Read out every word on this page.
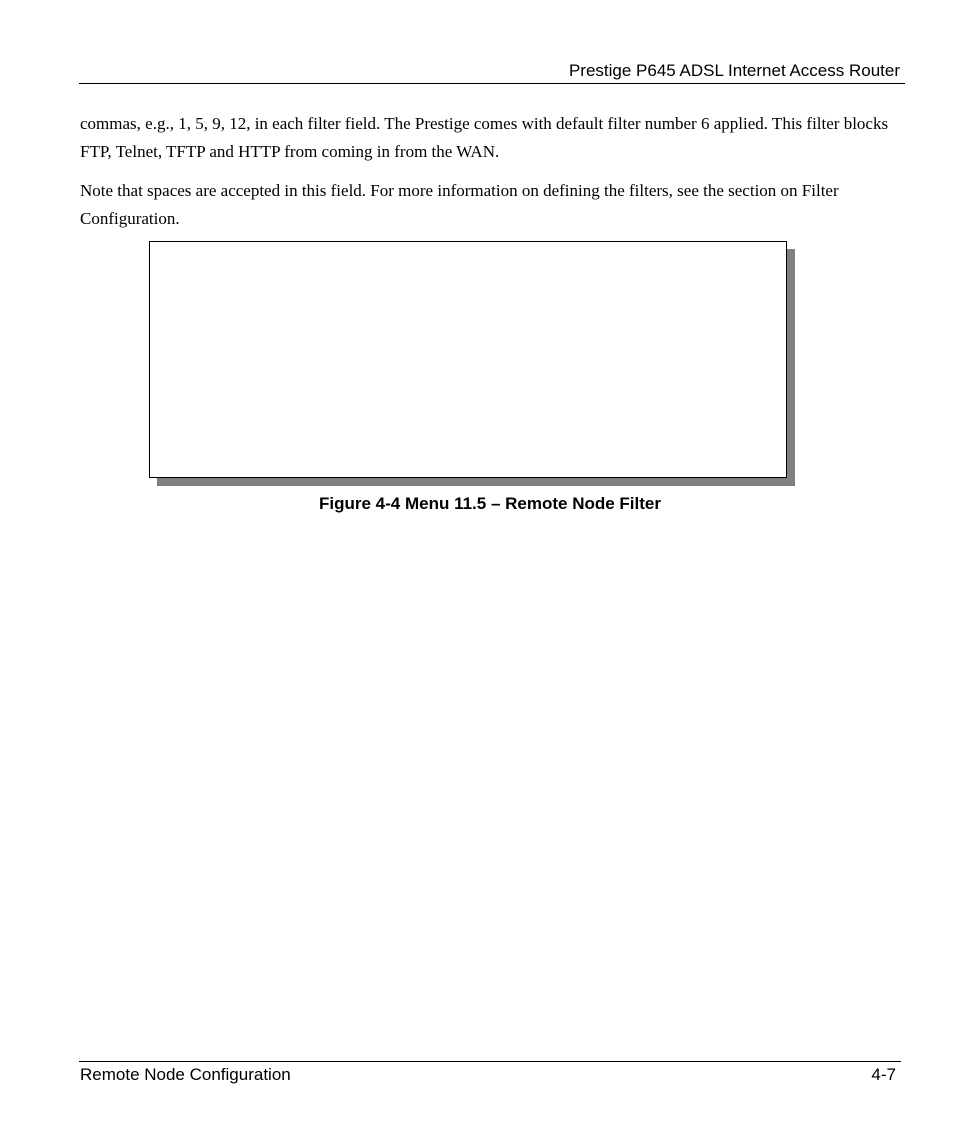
Prestige P645 ADSL Internet Access Router

commas, e.g., 1, 5, 9, 12, in each filter field. The Prestige comes with default filter number 6 applied. This filter blocks FTP, Telnet, TFTP and HTTP from coming in from the WAN.

Note that spaces are accepted in this field. For more information on defining the filters, see the section on Filter Configuration.

Figure 4-4 Menu 11.5 – Remote Node Filter
Remote Node Configuration	4-7
